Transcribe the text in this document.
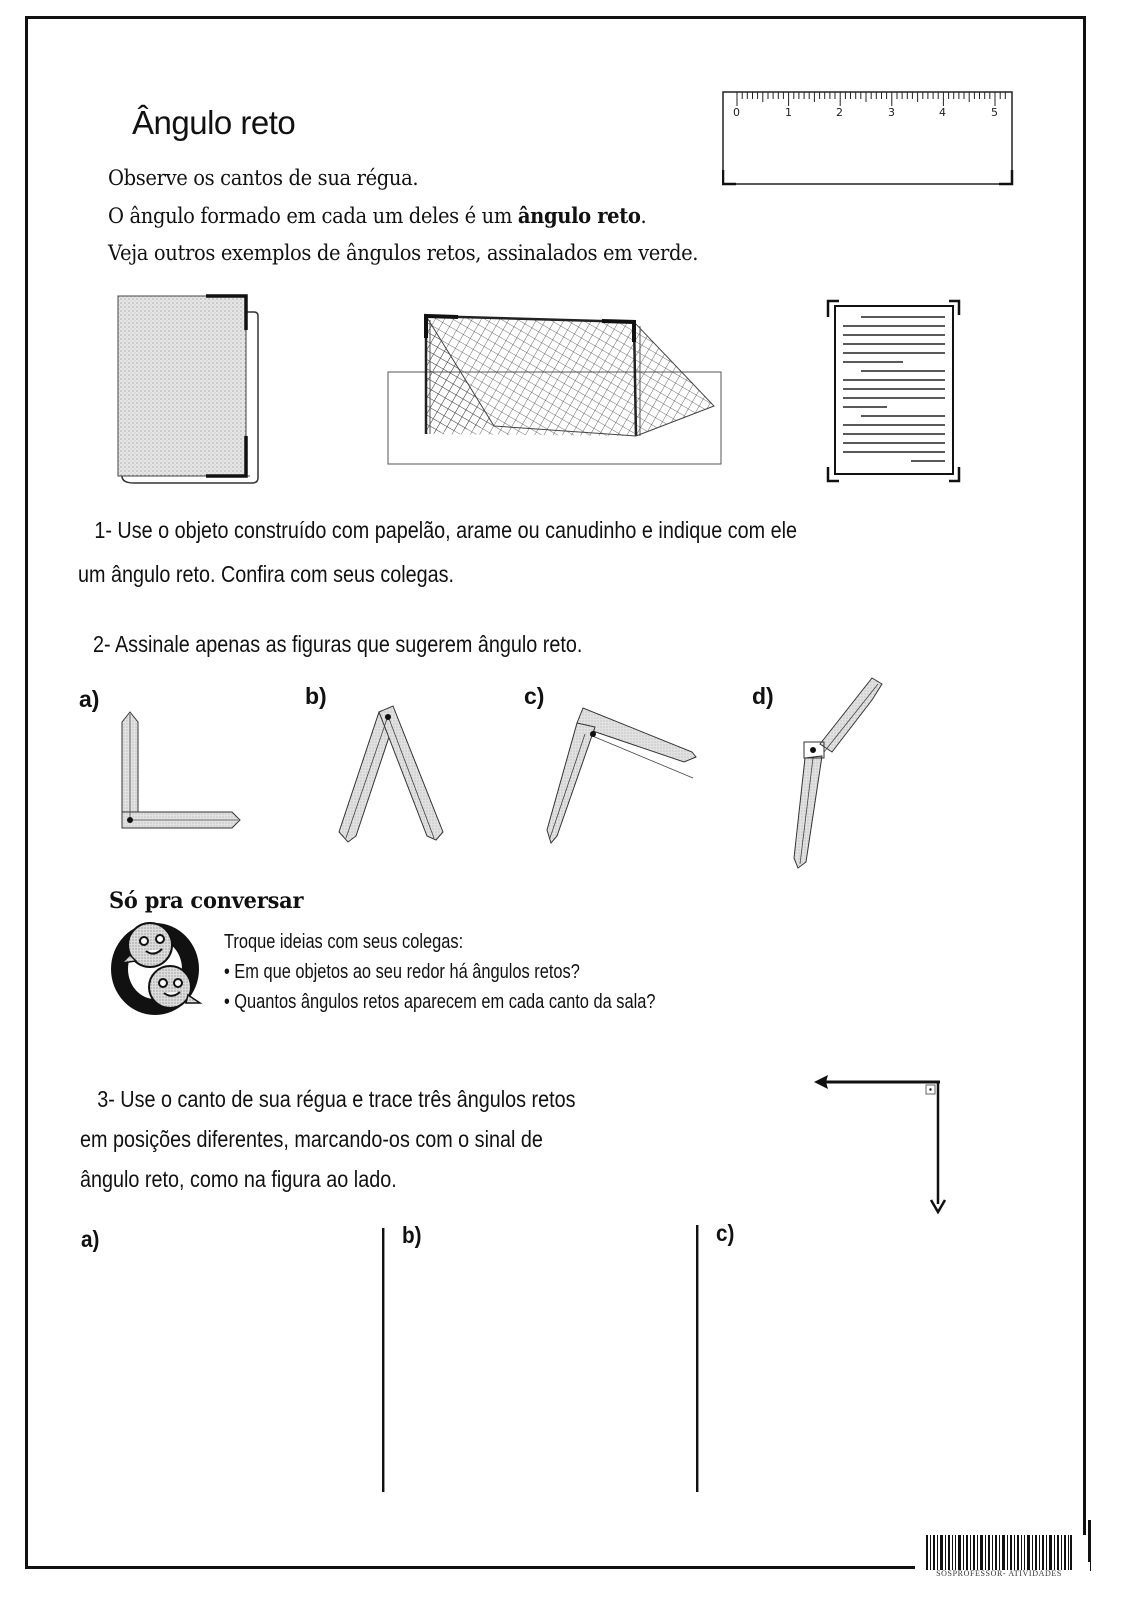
Ângulo reto
Observe os cantos de sua régua.
O ângulo formado em cada um deles é um ângulo reto.
Veja outros exemplos de ângulos retos, assinalados em verde.
0	1	2	3	4	5
1- Use o objeto construído com papelão, arame ou canudinho e indique com ele
um ângulo reto. Confira com seus colegas.
2- Assinale apenas as figuras que sugerem ângulo reto.
a)	b)	c)	d)
Só pra conversar
Troque ideias com seus colegas:
• Em que objetos ao seu redor há ângulos retos?
• Quantos ângulos retos aparecem em cada canto da sala?
3- Use o canto de sua régua e trace três ângulos retos
em posições diferentes, marcando-os com o sinal de
ângulo reto, como na figura ao lado.
a)	b)	c)
SOSPROFESSOR- ATIVIDADES
